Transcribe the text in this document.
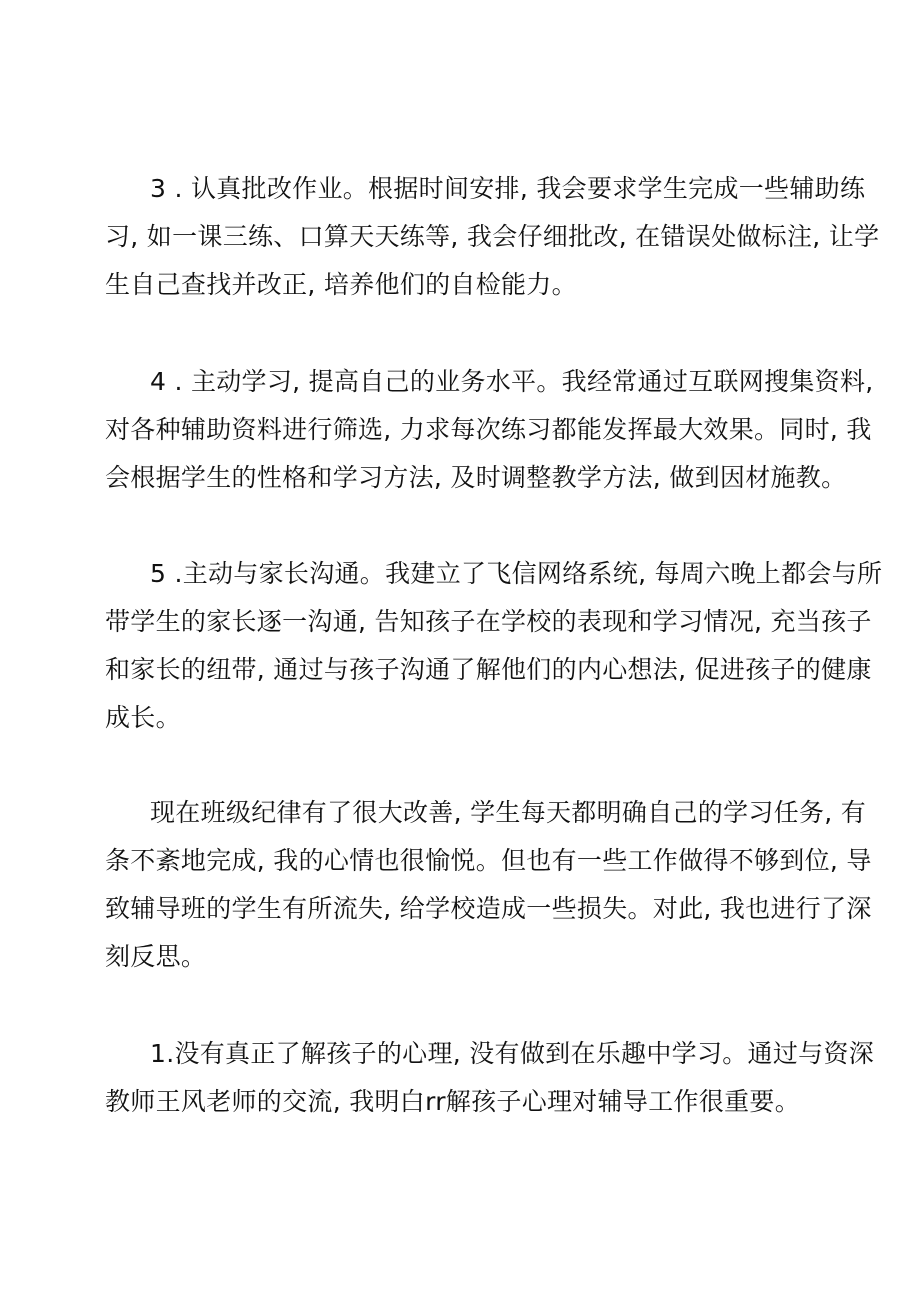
3 . 认真批改作业。根据时间安排, 我会要求学生完成一些辅助练
习, 如一课三练、口算天天练等, 我会仔细批改, 在错误处做标注, 让学
生自己查找并改正, 培养他们的自检能力。
4 . 主动学习, 提高自己的业务水平。我经常通过互联网搜集资料,
对各种辅助资料进行筛选, 力求每次练习都能发挥最大效果。同时, 我
会根据学生的性格和学习方法, 及时调整教学方法, 做到因材施教。
5 .主动与家长沟通。我建立了飞信网络系统, 每周六晚上都会与所
带学生的家长逐一沟通, 告知孩子在学校的表现和学习情况, 充当孩子
和家长的纽带, 通过与孩子沟通了解他们的内心想法, 促进孩子的健康
成长。
现在班级纪律有了很大改善, 学生每天都明确自己的学习任务, 有
条不紊地完成, 我的心情也很愉悦。但也有一些工作做得不够到位, 导
致辅导班的学生有所流失, 给学校造成一些损失。对此, 我也进行了深
刻反思。
1.没有真正了解孩子的心理, 没有做到在乐趣中学习。通过与资深
教师王风老师的交流, 我明白rr解孩子心理对辅导工作很重要。
